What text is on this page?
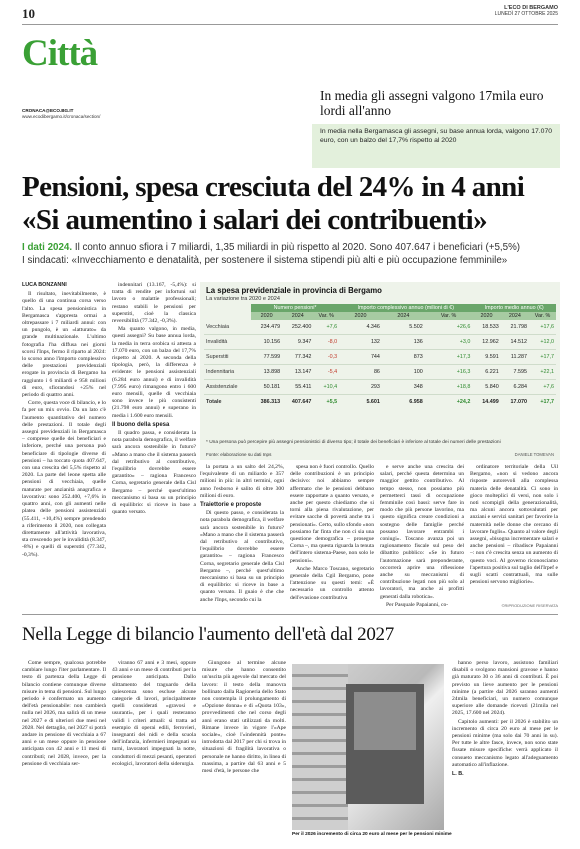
10	L'ECO DI BERGAMO
LUNEDÌ 27 OTTOBRE 2025
Città
CRONACA@ECO.BG.IT
www.ecodibergamo.it/cronaca/section/
In media gli assegni valgono 17mila euro lordi all'anno

In media nella Bergamasca gli assegni, su base annua lorda, valgono 17.070 euro, con un balzo del 17,7% rispetto al 2020

Pensioni, spesa cresciuta del 24% in 4 anni «Si aumentino i salari dei contribuenti»
I dati 2024. Il conto annuo sfiora i 7 miliardi, 1,35 miliardi in più rispetto al 2020. Sono 407.647 i beneficiari (+5,5%)
I sindacati: «Invecchiamento e denatalità, per sostenere il sistema stipendi più alti e più occupazione femminile»
LUCA BONZANNI

Il risultato, inevitabilmente, è quello di una continua corsa verso l'alto. La spesa pensionistica in Bergamasca s'appresta ormai a oltrepassare i 7 miliardi annui: con un pungolo, è un «latturato» da grande multinazionale. L'ultimo fotografia l'ha diffusa nei giorni scorsi l'Inps, fermo il riparto al 2024: lo scorso anno l'importo complessivo delle prestazioni previdenziali erogate in provincia di Bergamo ha raggiunto i 6 miliardi e 958 milioni di euro, sfiorandosi +25% nel periodo di quattro anni.

Corre, questa voce di bilancio, e lo fa per un mix ovvio. Da un lato c'è l'aumento quantitativo del numero delle prestazioni. Il totale degli assegni previdenziali in Bergamasca – comprese quelle dei beneficiari e inferiore, perché una persona può beneficiare di tipologie diverse di pensioni – ha toccato quota 407.647, con una crescita del 5,5% rispetto al 2020. La parte del leone spetta alle pensioni di vecchiaia, quelle maturate per anzianità anagrafica e lavorativa: sono 252.400, +7,6% in quattro anni, con gli aumenti nelle platea delle pensioni assistenziali (55.411, +10,4%) sempre prendendo a riferimento il 2020, non collegata direttamente all'attività lavorativa, sta crescendo per le invalidità (8.347, -8%) e quelli di superstiti (77.342, -0,3%).

indennitari (13.167, -5,4%): si tratta di rendite per infortuni sul lavoro o malattie professionali; restano stabili le pensioni per superstiti, cioè la classica reversibilità (77.342, -0,3%).

Ma quanto valgono, in media, questi assegni? Su base annua lorda, la media in terra orobica si attesta a 17.070 euro, con un balzo del 17,7% rispetto al 2020. A seconda della tipologia, però, la differenza è evidente: le pensioni assistenziali (6.284 euro annui) e di invalidità (7.995 euro) rimangono entro i 600 euro mensili, quelle di vecchiaia sono invece le più consistenti (21.798 euro annui) e superano in media i 1.600 euro mensili.

Il buono della spesa

Il quadro passa, e considerata la nota parabola demografica, il welfare sarà ancora sostenibile in futuro? «Mano a mano che il sistema passerà dal retributivo al contributivo, l'equilibrio dovrebbe essere garantito» – ragiona Francesco Corna, segretario generale della Cisl Bergamo – perché quest'ultimo meccanismo si basa su un principio di equilibrio: si riceve in base a quanto versato.

La spesa previdenziale in provincia di Bergamo
La variazione tra 2020 e 2024
	Numero pensioni*			Importo complessivo annuo (milioni di €)			Importo medio annuo (€)		
	2020	2024	Var. %	2020	2024	Var. %	2020	2024	Var. %
Vecchiaia	234.479	252.400	+7,6	4.346	5.502	+26,6	18.533	21.798	+17,6
Invalidità	10.156	9.347	-8,0	132	136	+3,0	12.962	14.512	+12,0
Superstiti	77.599	77.342	-0,3	744	873	+17,3	9.591	11.287	+17,7
Indennitaria	13.898	13.147	-5,4	86	100	+16,3	6.221	7.595	+22,1
Assistenziale	50.181	55.411	+10,4	293	348	+18,8	5.840	6.284	+7,6
Totale	386.313	407.647	+5,5	5.601	6.958	+24,2	14.499	17.070	+17,7
* Una persona può percepire più assegni pensionistici di diverso tipo; il totale dei beneficiari è inferiore al totale dei numeri delle prestazioni
Fonte: elaborazione su dati Inps	DANIELE TOMEVAN

la portata a un salto del 24,2%, l'equivalente di un miliardo e 357 milioni in più: in altri termini, ogni anno l'esborso è salito di oltre 300 milioni di euro.

Traiettorie e proposte

Di questo passo, e considerata la nota parabola demografica, il welfare sarà ancora sostenibile in futuro? «Mano a mano che il sistema passerà dal retributivo al contributivo, l'equilibrio dovrebbe essere garantito» – ragiona Francesco Corna, segretario generale della Cisl Bergamo –, perché quest'ultimo meccanismo si basa su un principio di equilibrio: si riceve in base a quanto versato. Il guaio è che che anche l'Inps, secondo cui la

spesa non è fuori controllo. Quello delle contribuzioni è un principio decisivo: noi abbiamo sempre affermato che le pensioni debbano essere rapportate a quanto versato, e anche per questo chiediamo che si torni alla piena rivalutazione, per evitare sacche di povertà anche tra i pensionati». Certo, sullo sfondo «non possiamo far finta che non ci sia una questione demografica – prosegue Corna –, ma questa riguarda la tenuta dell'intero sistema-Paese, non solo le pensioni».

Anche Marco Toscano, segretario generale della Cgil Bergamo, pone l'attenzione su questi temi: «È necessario un controllo attento dell'evasione contributiva

e serve anche una crescita dei salari, perché questa determina un maggior gettito contributivo. Al tempo stesso, non possiamo più permetterci tassi di occupazione femminile così bassi: serve fare in modo che più persone lavorino, ma questo significa creare condizioni a sostegno delle famiglie perché possano lavorare entrambi i coniugi». Toscano avanza poi un ragionamento fiscale sul peso del dibattito pubblico: «Se in futuro l'automazione sarà preponderante, occorrerà aprire una riflessione anche su meccanismi di contribuzione legati non più solo al lavoratori, ma anche ai profitti generati dalla robotica».

Per Pasquale Papaianni, co-

ordinatore territoriale della Uil Bergamo, «non si vedono ancora risposte autorevoli alla complessa materia delle denatalità. Ci sono in gioco molteplici di versi, non solo i noti scompigli della generazionalità, ma alcuni ancora sottovalutati per anziani e servizi sanitari per favorire la maternità nelle donne che cercano di lavorare fuglis». Quanto al valore degli assegni, «bisogna incrementare salari e anche pensioni – ribadisce Papaianni –: non c'è crescita senza un aumento di questo voci. Al governo riconosciamo l'apertura positiva sul taglio dell'Irpef e sugli scatti contrattuali, ma sulle pensioni servono migliorie».

©RIPRODUZIONE RISERVATA
Nella Legge di bilancio l'aumento dell'età dal 2027

Come sempre, qualcosa potrebbe cambiare lungo l'iter parlamentare. Il testo di partenza della Legge di bilancio contiene comunque diverse misure in tema di pensioni. Sul lungo periodo è confermato un aumento dell'età pensionabile: non cambierà nulla nel 2026, ma salirà di un mese nel 2027 e di ulteriori due mesi nel 2028. Nel dettaglio, nel 2027 si potrà andare in pensione di vecchiaia a 67 anni e un mese oppure in pensione anticipata con 42 anni e 11 mesi di contributi; nel 2028, invece, per la pensione di vecchiaia ser-

viranno 67 anni e 3 mesi, oppure 43 anni e un mese di contributi per la pensione anticipata. Dallo slittamento del traguardo della quiescenza sono escluse alcune categorie di lavori, principalmente quelli considerati «gravosi e usuranti», per i quali resteranno validi i criteri attuali: si tratta ad esempio di operai edili, ferrovieri, insegnanti dei nidi e della scuola dell'infanzia, infermieri impegnati su turni, lavoratori impegnati la notte, conduttori di mezzi pesanti, operatori ecologici, lavoratori della siderurgia.

Giungono al termine alcune misure che hanno consentito un'uscita più agevole dal mercato del lavoro: il testo della manovra bollinato dalla Ragioneria dello Stato non contempla il prolungamento di «Opzione donna» e di «Quota 103», provvedimenti che nel corso degli anni erano stati utilizzati da molti. Rimane invece in vigore l'«Ape sociale», cioè l'«indennità ponte» introdotta dal 2017 per chi si trova in situazioni di fragilità lavorativa o personale ne hanno diritto, in linea di massima, a partire dal 63 anni e 5 mesi d'età, le persone che

Per il 2026 incremento di circa 20 euro al mese per le pensioni minime

hanno perso lavoro, assistono familiari disabili o svolgono mansioni gravose e hanno già maturato 30 o 36 anni di contributi. È poi previsto un lieve aumento per le pensioni minime (a partire dal 2026 saranno aumenti 24mila beneficiari, un numero comunque superiore alle domande ricevuti (21mila nel 2025, 17.600 nel 2024).

Capitolo aumenti: per il 2026 è stabilito un incremento di circa 20 euro al mese per le pensioni minime (ma solo dai 70 anni in su). Per tutte le altre fasce, invece, non sono state fissate misure specifiche: verrà applicato il consueto meccanismo legato all'adeguamento automatico all'inflazione.

L. B.
